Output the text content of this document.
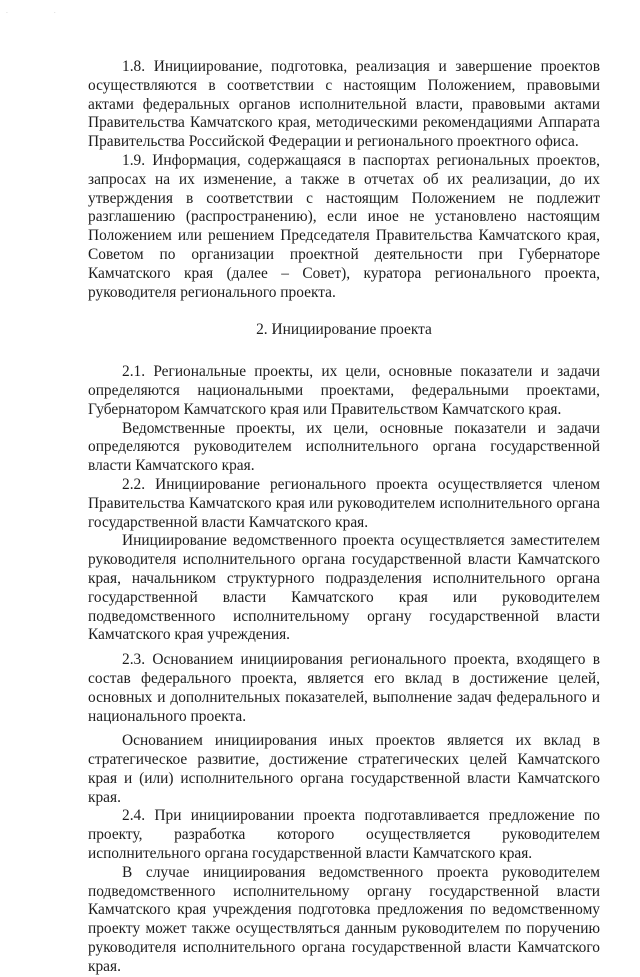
· ·

1.8. Инициирование, подготовка, реализация и завершение проектов осуществляются в соответствии с настоящим Положением, правовыми актами федеральных органов исполнительной власти, правовыми актами Правительства Камчатского края, методическими рекомендациями Аппарата Правительства Российской Федерации и регионального проектного офиса.

1.9. Информация, содержащаяся в паспортах региональных проектов, запросах на их изменение, а также в отчетах об их реализации, до их утверждения в соответствии с настоящим Положением не подлежит разглашению (распространению), если иное не установлено настоящим Положением или решением Председателя Правительства Камчатского края, Советом по организации проектной деятельности при Губернаторе Камчатского края (далее – Совет), куратора регионального проекта, руководителя регионального проекта.

2. Инициирование проекта

2.1. Региональные проекты, их цели, основные показатели и задачи определяются национальными проектами, федеральными проектами, Губернатором Камчатского края или Правительством Камчатского края.

Ведомственные проекты, их цели, основные показатели и задачи определяются руководителем исполнительного органа государственной власти Камчатского края.

2.2. Инициирование регионального проекта осуществляется членом Правительства Камчатского края или руководителем исполнительного органа государственной власти Камчатского края.

Инициирование ведомственного проекта осуществляется заместителем руководителя исполнительного органа государственной власти Камчатского края, начальником структурного подразделения исполнительного органа государственной власти Камчатского края или руководителем подведомственного исполнительному органу государственной власти Камчатского края учреждения.

2.3. Основанием инициирования регионального проекта, входящего в состав федерального проекта, является его вклад в достижение целей, основных и дополнительных показателей, выполнение задач федерального и национального проекта.

Основанием инициирования иных проектов является их вклад в стратегическое развитие, достижение стратегических целей Камчатского края и (или) исполнительного органа государственной власти Камчатского края.

2.4. При инициировании проекта подготавливается предложение по проекту, разработка которого осуществляется руководителем исполнительного органа государственной власти Камчатского края.

В случае инициирования ведомственного проекта руководителем подведомственного исполнительному органу государственной власти Камчатского края учреждения подготовка предложения по ведомственному проекту может также осуществляться данным руководителем по поручению руководителя исполнительного органа государственной власти Камчатского края.
